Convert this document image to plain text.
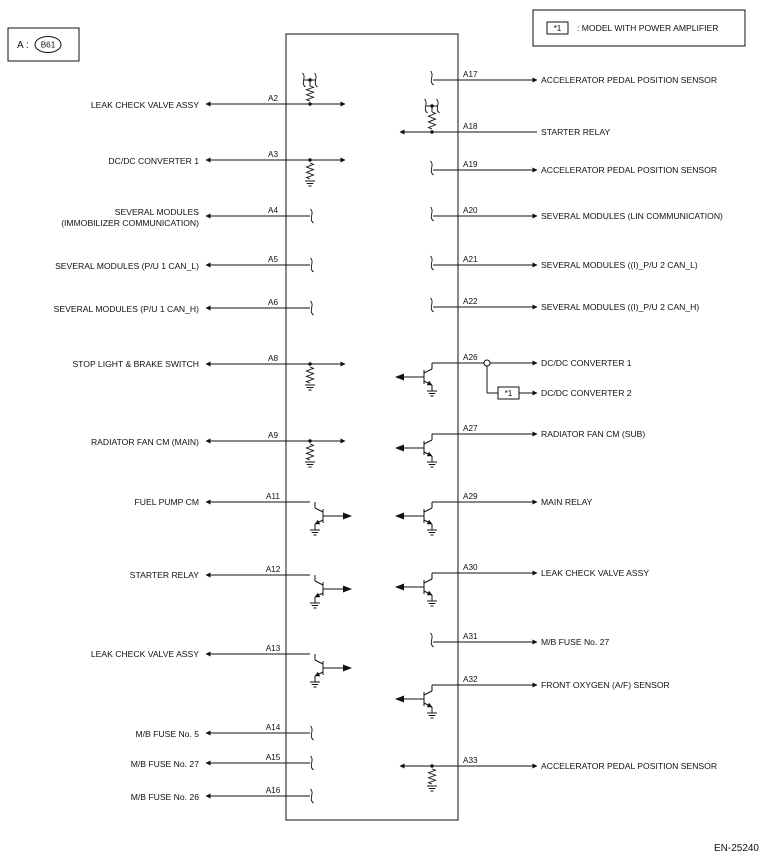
A : B61
*1 : MODEL WITH POWER AMPLIFIER
LEAK CHECK VALVE ASSY
A2
DC/DC CONVERTER 1
A3
SEVERAL MODULES
(IMMOBILIZER COMMUNICATION)
A4
SEVERAL MODULES (P/U 1 CAN_L)
A5
SEVERAL MODULES (P/U 1 CAN_H)
A6
STOP LIGHT & BRAKE SWITCH
A8
RADIATOR FAN CM (MAIN)
A9
FUEL PUMP CM
A11
STARTER RELAY
A12
LEAK CHECK VALVE ASSY
A13
M/B FUSE No. 5
A14
M/B FUSE No. 27
A15
M/B FUSE No. 26
A16
A17
ACCELERATOR PEDAL POSITION SENSOR
A18
STARTER RELAY
A19
ACCELERATOR PEDAL POSITION SENSOR
A20
SEVERAL MODULES (LIN COMMUNICATION)
A21
SEVERAL MODULES ((I)_P/U 2 CAN_L)
A22
SEVERAL MODULES ((I)_P/U 2 CAN_H)
A26
DC/DC CONVERTER 1
*1	DC/DC CONVERTER 2
A27
RADIATOR FAN CM (SUB)
A29
MAIN RELAY
A30
LEAK CHECK VALVE ASSY
A31
M/B FUSE No. 27
A32
FRONT OXYGEN (A/F) SENSOR
A33
ACCELERATOR PEDAL POSITION SENSOR
EN-25240
